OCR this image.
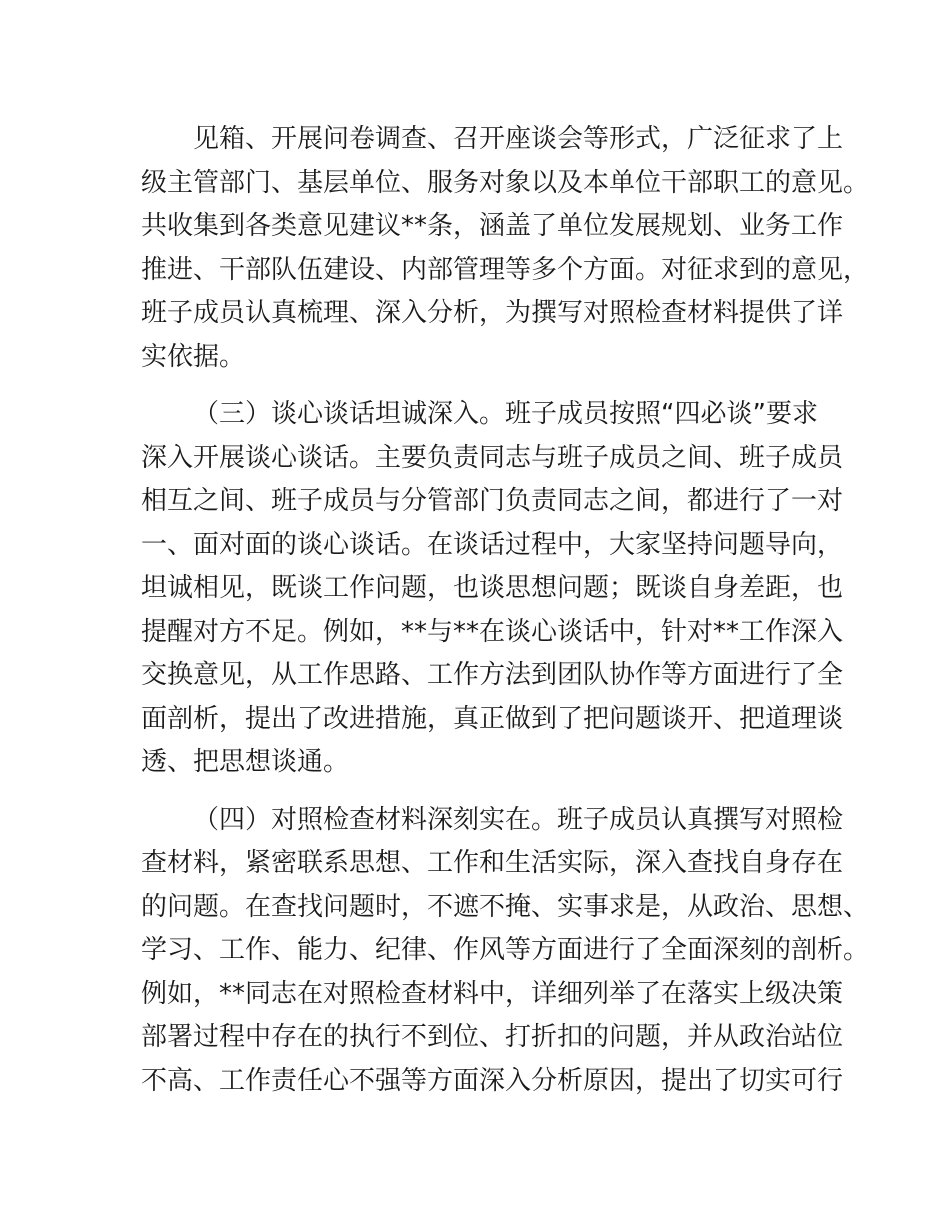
见箱、开展问卷调查、召开座谈会等形式，广泛征求了上
级主管部门、基层单位、服务对象以及本单位干部职工的意见。
共收集到各类意见建议**条，涵盖了单位发展规划、业务工作
推进、干部队伍建设、内部管理等多个方面。对征求到的意见，
班子成员认真梳理、深入分析，为撰写对照检查材料提供了详
实依据。
（三）谈心谈话坦诚深入。班子成员按照“四必谈”要求
深入开展谈心谈话。主要负责同志与班子成员之间、班子成员
相互之间、班子成员与分管部门负责同志之间，都进行了一对
一、面对面的谈心谈话。在谈话过程中，大家坚持问题导向，
坦诚相见，既谈工作问题，也谈思想问题；既谈自身差距，也
提醒对方不足。例如，**与**在谈心谈话中，针对**工作深入
交换意见，从工作思路、工作方法到团队协作等方面进行了全
面剖析，提出了改进措施，真正做到了把问题谈开、把道理谈
透、把思想谈通。
（四）对照检查材料深刻实在。班子成员认真撰写对照检
查材料，紧密联系思想、工作和生活实际，深入查找自身存在
的问题。在查找问题时，不遮不掩、实事求是，从政治、思想、
学习、工作、能力、纪律、作风等方面进行了全面深刻的剖析。
例如，**同志在对照检查材料中，详细列举了在落实上级决策
部署过程中存在的执行不到位、打折扣的问题，并从政治站位
不高、工作责任心不强等方面深入分析原因，提出了切实可行
